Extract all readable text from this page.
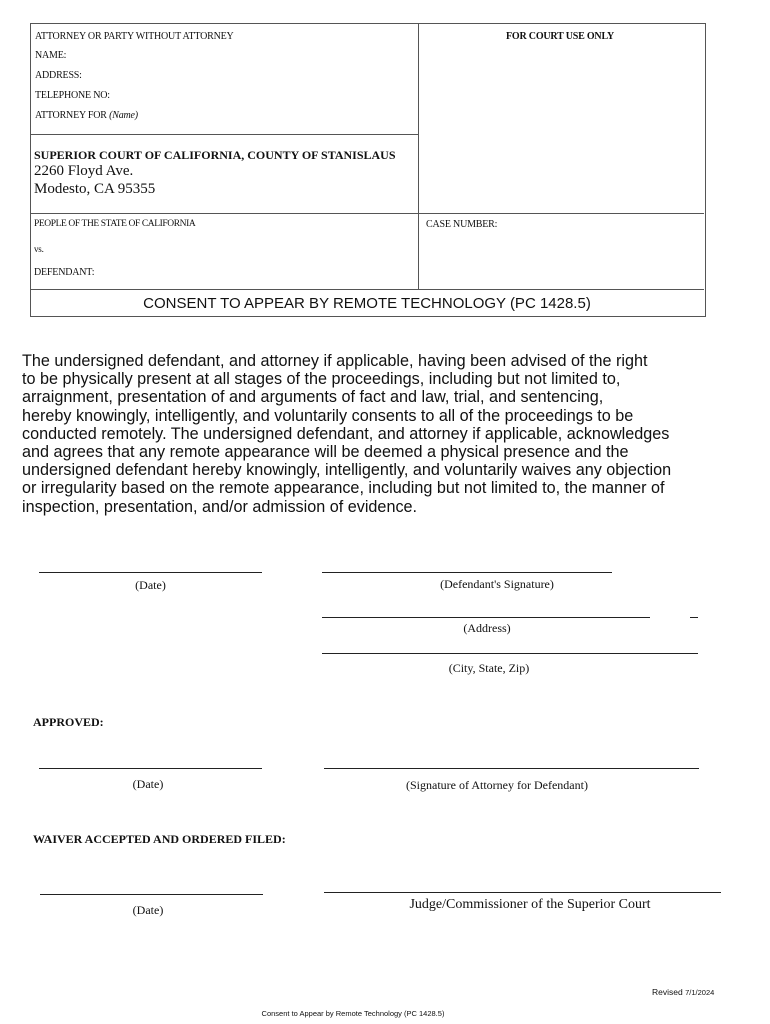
ATTORNEY OR PARTY WITHOUT ATTORNEY	FOR COURT USE ONLY
NAME:
ADDRESS:
TELEPHONE NO:
ATTORNEY FOR (Name)
SUPERIOR COURT OF CALIFORNIA, COUNTY OF STANISLAUS
2260 Floyd Ave.
Modesto, CA 95355
PEOPLE OF THE STATE OF CALIFORNIA	CASE NUMBER:
vs.
DEFENDANT:
CONSENT TO APPEAR BY REMOTE TECHNOLOGY (PC 1428.5)
The undersigned defendant, and attorney if applicable, having been advised of the right
to be physically present at all stages of the proceedings, including but not limited to,
arraignment, presentation of and arguments of fact and law, trial, and sentencing,
hereby knowingly, intelligently, and voluntarily consents to all of the proceedings to be
conducted remotely. The undersigned defendant, and attorney if applicable, acknowledges
and agrees that any remote appearance will be deemed a physical presence and the
undersigned defendant hereby knowingly, intelligently, and voluntarily waives any objection
or irregularity based on the remote appearance, including but not limited to, the manner of
inspection, presentation, and/or admission of evidence.
(Date)	(Defendant's Signature)
(Address)
(City, State, Zip)
APPROVED:
(Date)	(Signature of Attorney for Defendant)
WAIVER ACCEPTED AND ORDERED FILED:
(Date)	Judge/Commissioner of the Superior Court
Revised 7/1/2024
Consent to Appear by Remote Technology (PC 1428.5)
